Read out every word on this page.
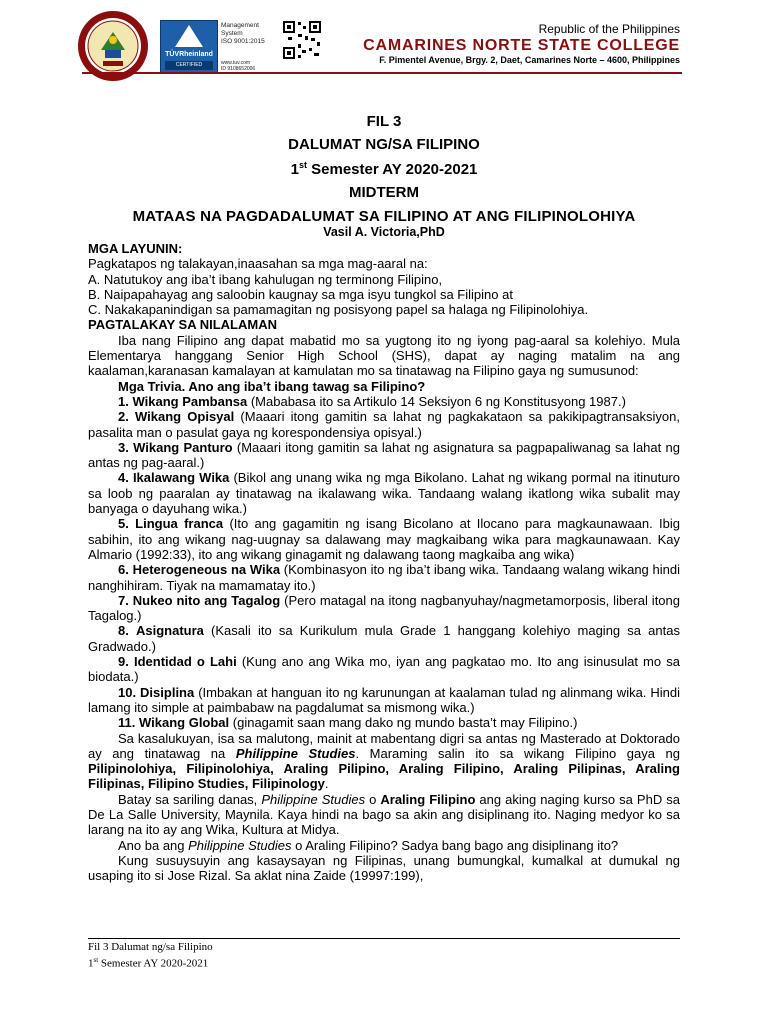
TÜVRheinland
CERTIFIED
Management
System
ISO 9001:2015
www.tuv.com
ID 9108652006
Republic of the Philippines
CAMARINES NORTE STATE COLLEGE
F. Pimentel Avenue, Brgy. 2, Daet, Camarines Norte – 4600, Philippines
FIL 3
DALUMAT NG/SA FILIPINO
1st Semester AY 2020-2021
MIDTERM
MATAAS NA PAGDADALUMAT SA FILIPINO AT ANG FILIPINOLOHIYA
Vasil A. Victoria,PhD

MGA LAYUNIN:

Pagkatapos ng talakayan,inaasahan sa mga mag-aaral na:

A. Natutukoy ang iba’t ibang kahulugan ng terminong Filipino,

B. Naipapahayag ang saloobin kaugnay sa mga isyu tungkol sa Filipino at

C. Nakakapanindigan sa pamamagitan ng posisyong papel sa halaga ng Filipinolohiya.

PAGTALAKAY SA NILALAMAN

Iba nang Filipino ang dapat mabatid mo sa yugtong ito ng iyong pag-aaral sa kolehiyo. Mula Elementarya hanggang Senior High School (SHS), dapat ay naging matalim na ang kaalaman,karanasan kamalayan at kamulatan mo sa tinatawag na Filipino gaya ng sumusunod:

Mga Trivia. Ano ang iba’t ibang tawag sa Filipino?

1. Wikang Pambansa (Mababasa ito sa Artikulo 14 Seksiyon 6 ng Konstitusyong 1987.)

2. Wikang Opisyal (Maaari itong gamitin sa lahat ng pagkakataon sa pakikipagtransaksiyon, pasalita man o pasulat gaya ng korespondensiya opisyal.)

3. Wikang Panturo (Maaari itong gamitin sa lahat ng asignatura sa pagpapaliwanag sa lahat ng antas ng pag-aaral.)

4. Ikalawang Wika (Bikol ang unang wika ng mga Bikolano. Lahat ng wikang pormal na itinuturo sa loob ng paaralan ay tinatawag na ikalawang wika. Tandaang walang ikatlong wika subalit may banyaga o dayuhang wika.)

5. Lingua franca (Ito ang gagamitin ng isang Bicolano at Ilocano para magkaunawaan. Ibig sabihin, ito ang wikang nag-uugnay sa dalawang may magkaibang wika para magkaunawaan. Kay Almario (1992:33), ito ang wikang ginagamit ng dalawang taong magkaiba ang wika)

6. Heterogeneous na Wika (Kombinasyon ito ng iba’t ibang wika. Tandaang walang wikang hindi nanghihiram. Tiyak na mamamatay ito.)

7. Nukeo nito ang Tagalog (Pero matagal na itong nagbanyuhay/nagmetamorposis, liberal itong Tagalog.)

8. Asignatura (Kasali ito sa Kurikulum mula Grade 1 hanggang kolehiyo maging sa antas Gradwado.)

9. Identidad o Lahi (Kung ano ang Wika mo, iyan ang pagkatao mo. Ito ang isinusulat mo sa biodata.)

10. Disiplina (Imbakan at hanguan ito ng karunungan at kaalaman tulad ng alinmang wika. Hindi lamang ito simple at paimbabaw na pagdalumat sa mismong wika.)

11. Wikang Global (ginagamit saan mang dako ng mundo basta’t may Filipino.)

Sa kasalukuyan, isa sa malutong, mainit at mabentang digri sa antas ng Masterado at Doktorado ay ang tinatawag na Philippine Studies. Maraming salin ito sa wikang Filipino gaya ng Pilipinolohiya, Filipinolohiya, Araling Pilipino, Araling Filipino, Araling Pilipinas, Araling Filipinas, Filipino Studies, Filipinology.

Batay sa sariling danas, Philippine Studies o Araling Filipino ang aking naging kurso sa PhD sa De La Salle University, Maynila. Kaya hindi na bago sa akin ang disiplinang ito. Naging medyor ko sa larang na ito ay ang Wika, Kultura at Midya.

Ano ba ang Philippine Studies o Araling Filipino? Sadya bang bago ang disiplinang ito?

Kung susuysuyin ang kasaysayan ng Filipinas, unang bumungkal, kumalkal at dumukal ng usaping ito si Jose Rizal. Sa aklat nina Zaide (19997:199),

Fil 3 Dalumat ng/sa Filipino
1st Semester AY 2020-2021
